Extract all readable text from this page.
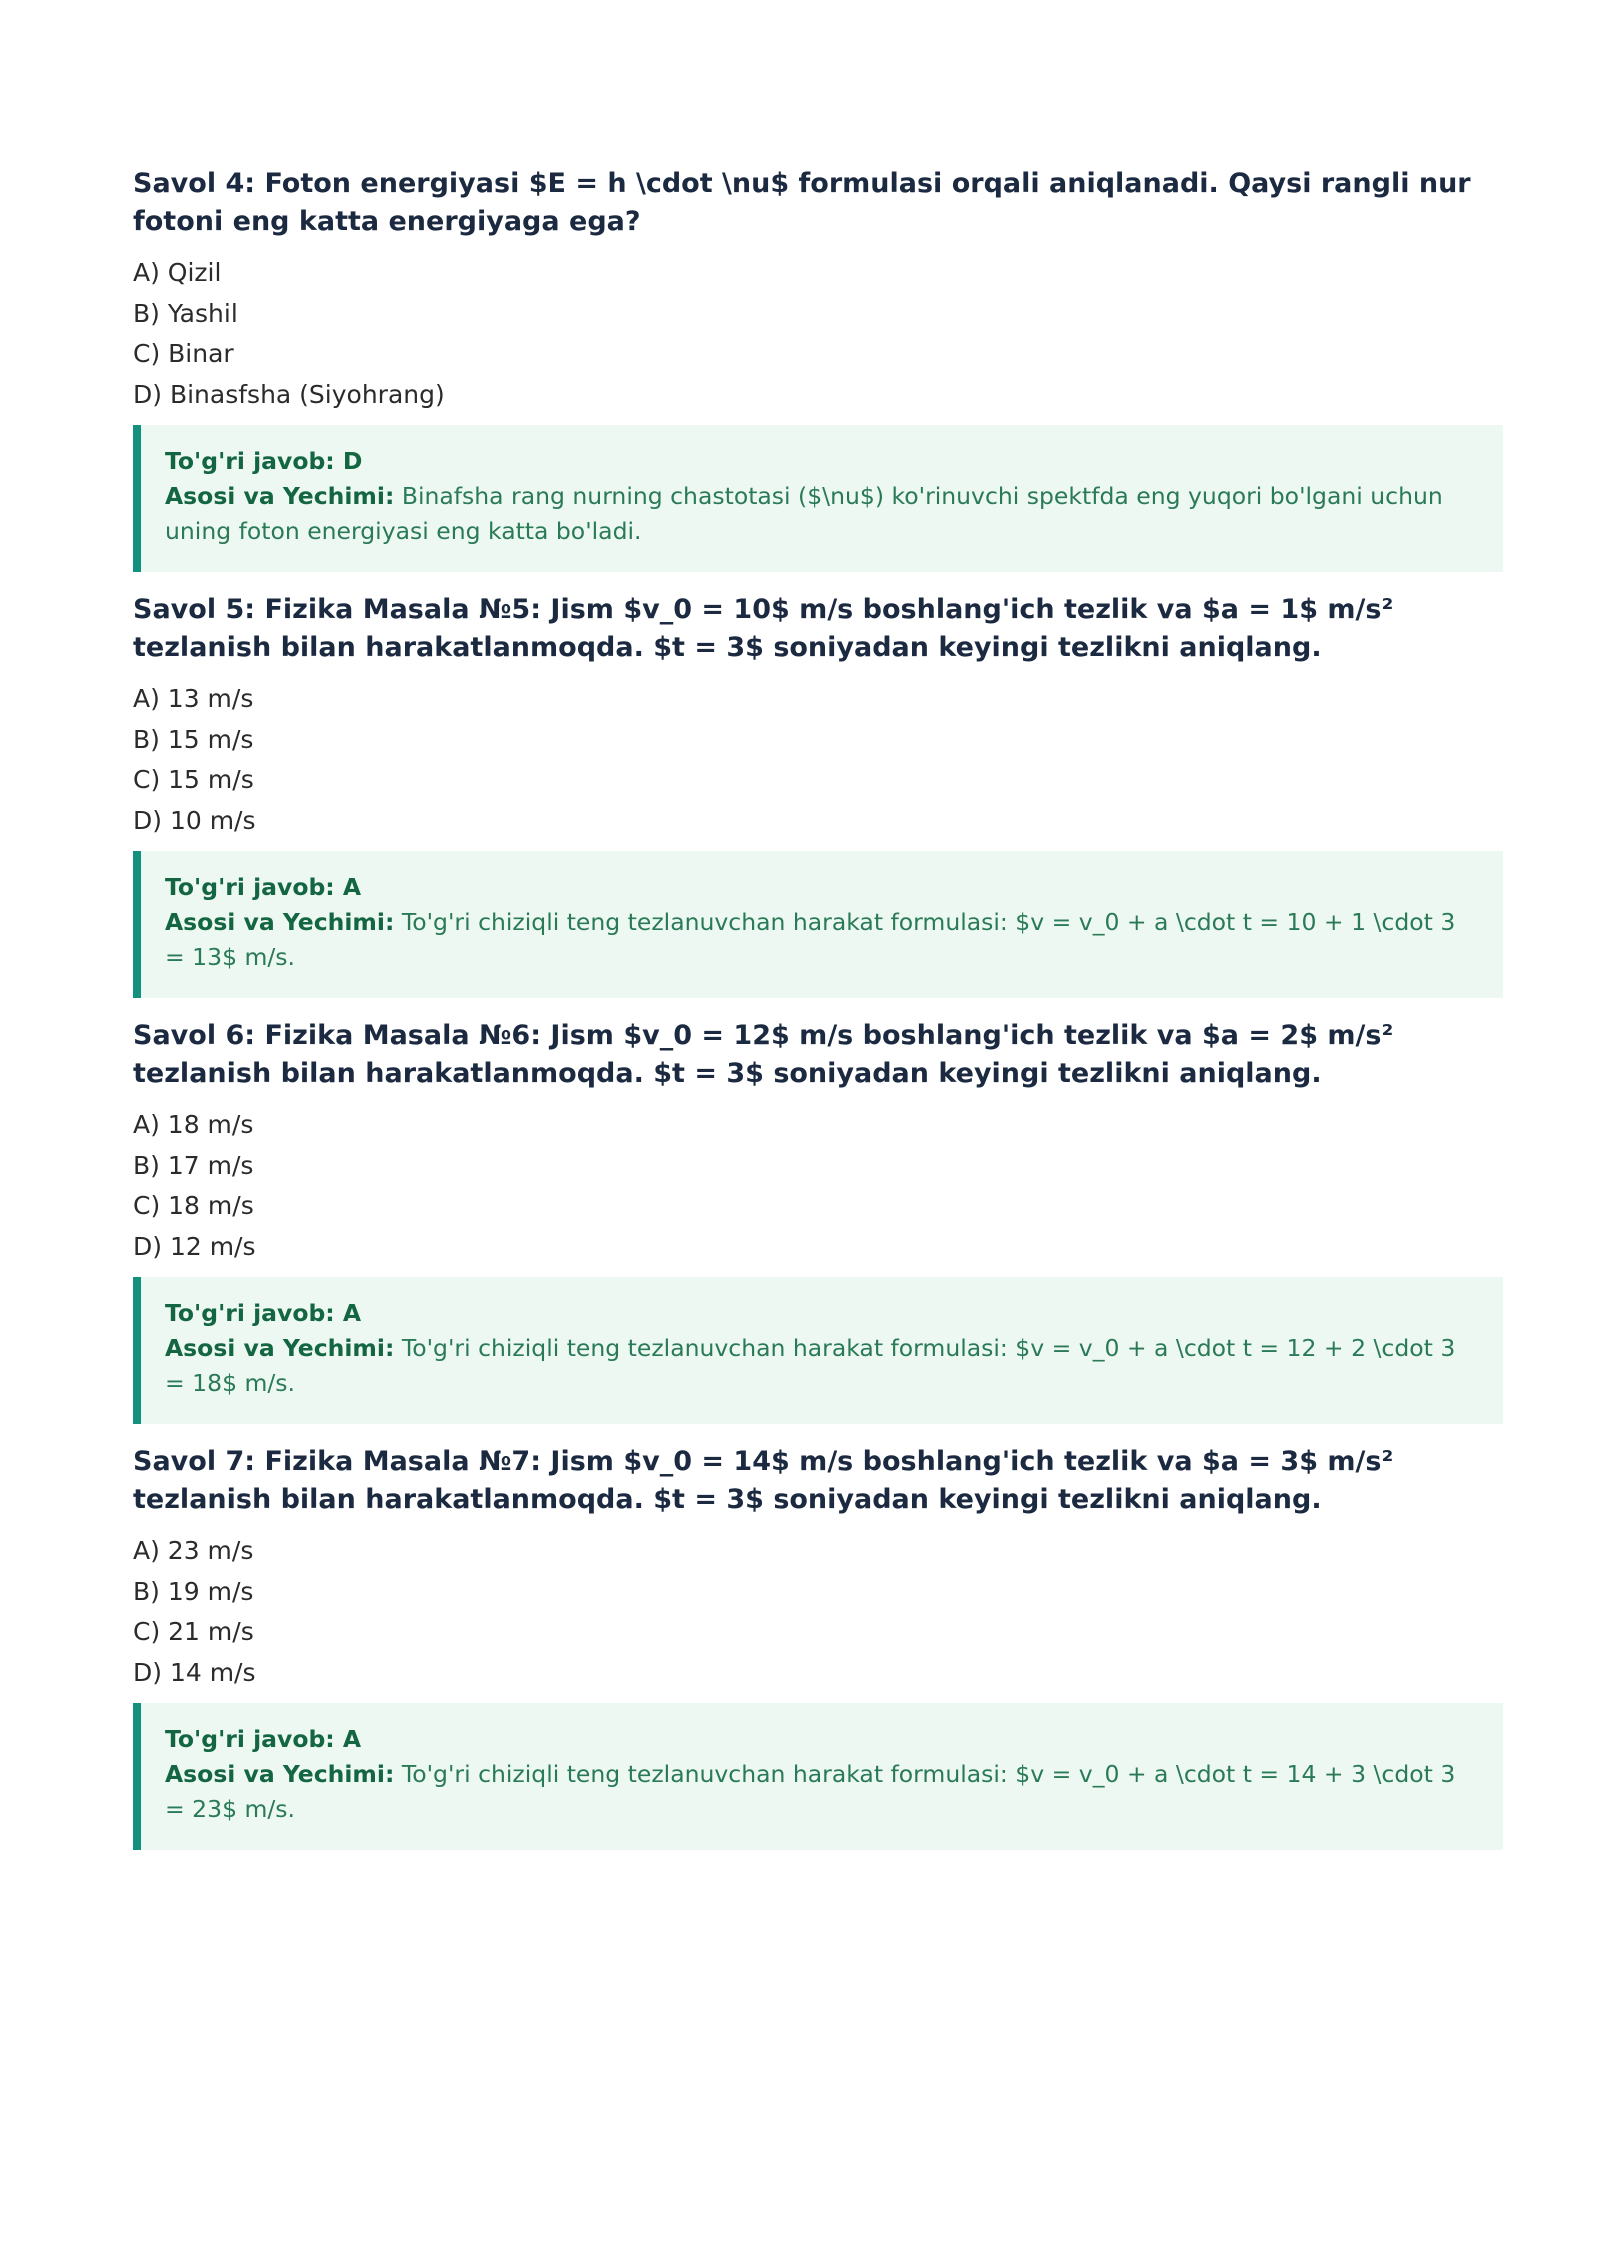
Savol 4: Foton energiyasi $E = h \cdot \nu$ formulasi orqali aniqlanadi. Qaysi rangli nur fotoni eng katta energiyaga ega?

A) Qizil
B) Yashil
C) Binar
D) Binasfsha (Siyohrang)
To'g'ri javob: D
Asosi va Yechimi: Binafsha rang nurning chastotasi ($\nu$) ko'rinuvchi spektfda eng yuqori bo'lgani uchun uning foton energiyasi eng katta bo'ladi.

Savol 5: Fizika Masala №5: Jism $v_0 = 10$ m/s boshlang'ich tezlik va $a = 1$ m/s² tezlanish bilan harakatlanmoqda. $t = 3$ soniyadan keyingi tezlikni aniqlang.

A) 13 m/s
B) 15 m/s
C) 15 m/s
D) 10 m/s
To'g'ri javob: A
Asosi va Yechimi: To'g'ri chiziqli teng tezlanuvchan harakat formulasi: $v = v_0 + a \cdot t = 10 + 1 \cdot 3 = 13$ m/s.

Savol 6: Fizika Masala №6: Jism $v_0 = 12$ m/s boshlang'ich tezlik va $a = 2$ m/s² tezlanish bilan harakatlanmoqda. $t = 3$ soniyadan keyingi tezlikni aniqlang.

A) 18 m/s
B) 17 m/s
C) 18 m/s
D) 12 m/s
To'g'ri javob: A
Asosi va Yechimi: To'g'ri chiziqli teng tezlanuvchan harakat formulasi: $v = v_0 + a \cdot t = 12 + 2 \cdot 3 = 18$ m/s.

Savol 7: Fizika Masala №7: Jism $v_0 = 14$ m/s boshlang'ich tezlik va $a = 3$ m/s² tezlanish bilan harakatlanmoqda. $t = 3$ soniyadan keyingi tezlikni aniqlang.

A) 23 m/s
B) 19 m/s
C) 21 m/s
D) 14 m/s
To'g'ri javob: A
Asosi va Yechimi: To'g'ri chiziqli teng tezlanuvchan harakat formulasi: $v = v_0 + a \cdot t = 14 + 3 \cdot 3 = 23$ m/s.
